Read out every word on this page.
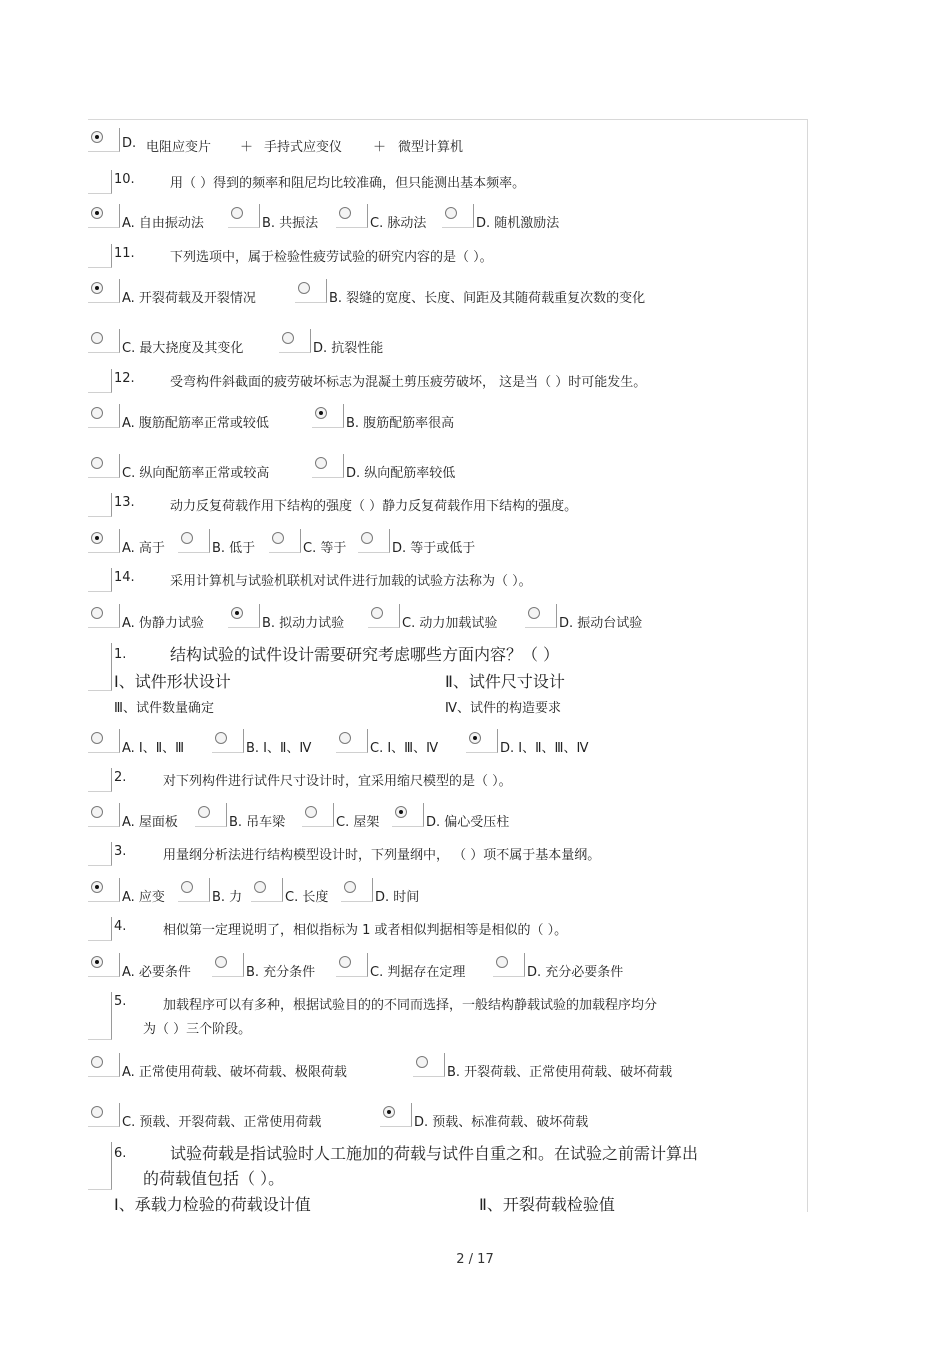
D. 电阻应变片 ＋ 手持式应变仪 ＋ 微型计算机
10.	用（ ）得到的频率和阻尼均比较准确，但只能测出基本频率。
A. 自由振动法	B. 共振法	C. 脉动法	D. 随机激励法
11.	下列选项中，属于检验性疲劳试验的研究内容的是（ ）。
A. 开裂荷载及开裂情况	B. 裂缝的宽度、长度、间距及其随荷载重复次数的变化
C. 最大挠度及其变化	D. 抗裂性能
12.	受弯构件斜截面的疲劳破坏标志为混凝土剪压疲劳破坏， 这是当（ ）时可能发生。
A. 腹筋配筋率正常或较低	B. 腹筋配筋率很高
C. 纵向配筋率正常或较高	D. 纵向配筋率较低
13.	动力反复荷载作用下结构的强度（ ）静力反复荷载作用下结构的强度。
A. 高于	B. 低于	C. 等于	D. 等于或低于
14.	采用计算机与试验机联机对试件进行加载的试验方法称为（ ）。
A. 伪静力试验	B. 拟动力试验	C. 动力加载试验	D. 振动台试验
1.	结构试验的试件设计需要研究考虑哪些方面内容？（ ）
Ⅰ、试件形状设计	Ⅱ、试件尺寸设计
Ⅲ、试件数量确定	Ⅳ、试件的构造要求
A. Ⅰ、Ⅱ、Ⅲ	B. Ⅰ、Ⅱ、Ⅳ	C. Ⅰ、Ⅲ、Ⅳ	D. Ⅰ、Ⅱ、Ⅲ、Ⅳ
2.	对下列构件进行试件尺寸设计时，宜采用缩尺模型的是（ ）。
A. 屋面板	B. 吊车梁	C. 屋架	D. 偏心受压柱
3.	用量纲分析法进行结构模型设计时，下列量纲中， （ ）项不属于基本量纲。
A. 应变	B. 力	C. 长度	D. 时间
4.	相似第一定理说明了，相似指标为 1 或者相似判据相等是相似的（ ）。
A. 必要条件	B. 充分条件	C. 判据存在定理	D. 充分必要条件
5.	加载程序可以有多种，根据试验目的的不同而选择，一般结构静载试验的加载程序均分
为（ ）三个阶段。
A. 正常使用荷载、破坏荷载、极限荷载	B. 开裂荷载、正常使用荷载、破坏荷载
C. 预载、开裂荷载、正常使用荷载	D. 预载、标准荷载、破坏荷载
6.	试验荷载是指试验时人工施加的荷载与试件自重之和。在试验之前需计算出
的荷载值包括（ ）。
Ⅰ、承载力检验的荷载设计值	Ⅱ、开裂荷载检验值
2 / 17
